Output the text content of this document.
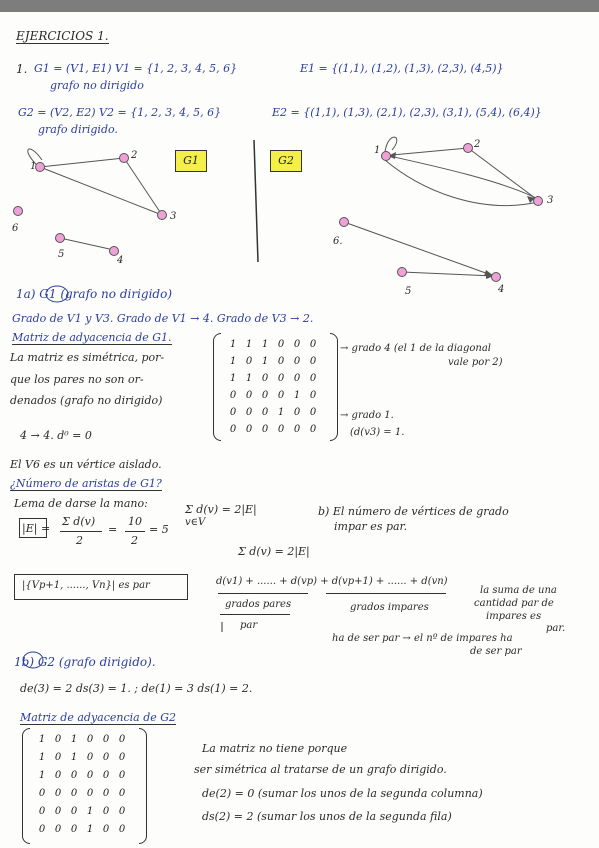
EJERCICIOS 1.
1. G1 = (V1, E1) V1 = {1, 2, 3, 4, 5, 6}	E1 = {(1,1), (1,2), (1,3), (2,3), (4,5)}
grafo no dirigido
G2 = (V2, E2) V2 = {1, 2, 3, 4, 5, 6}	E2 = {(1,1), (1,3), (2,1), (2,3), (3,1), (5,4), (6,4)}
grafo dirigido.
1
2
3
4
5
6
1
2
3
6.
5	4
G1	G2
1a) G1 (grafo no dirigido)
Grado de V1 y V3. Grado de V1 → 4. Grado de V3 → 2.
Matriz de adyacencia de G1.
La matriz es simétrica, por-
que los pares no son or-
denados (grafo no dirigido)
1 1 1 0 0 0
1 0 1 0 0 0
1 1 0 0 0 0
0 0 0 0 1 0
0 0 0 1 0 0
0 0 0 0 0 0
→ grado 4 (el 1 de la diagonal
vale por 2)
→ grado 1.
(d(v3) = 1.
4 → 4. d⁰ = 0
El V6 es un vértice aislado.
¿Número de aristas de G1?
Lema de darse la mano:	Σ d(v) = 2|E|
v∈V
|E| =
Σ d(v)
2
=
10
2
= 5
b) El número de vértices de grado
impar es par.
Σ d(v) = 2|E|
|{Vp+1, ......, Vn}| es par	d(v1) + ...... + d(vp) + d(vp+1) + ...... + d(vn)
grados pares
par
grados impares
la suma de una
cantidad par de
impares es
par.
ha de ser par → el nº de impares ha
de ser par
1b) G2 (grafo dirigido).
de(3) = 2 ds(3) = 1. ; de(1) = 3 ds(1) = 2.
Matriz de adyacencia de G2
1 0 1 0 0 0
1 0 1 0 0 0
1 0 0 0 0 0
0 0 0 0 0 0
0 0 0 1 0 0
0 0 0 1 0 0
La matriz no tiene porque
ser simétrica al tratarse de un grafo dirigido.
de(2) = 0 (sumar los unos de la segunda columna)
ds(2) = 2 (sumar los unos de la segunda fila)
